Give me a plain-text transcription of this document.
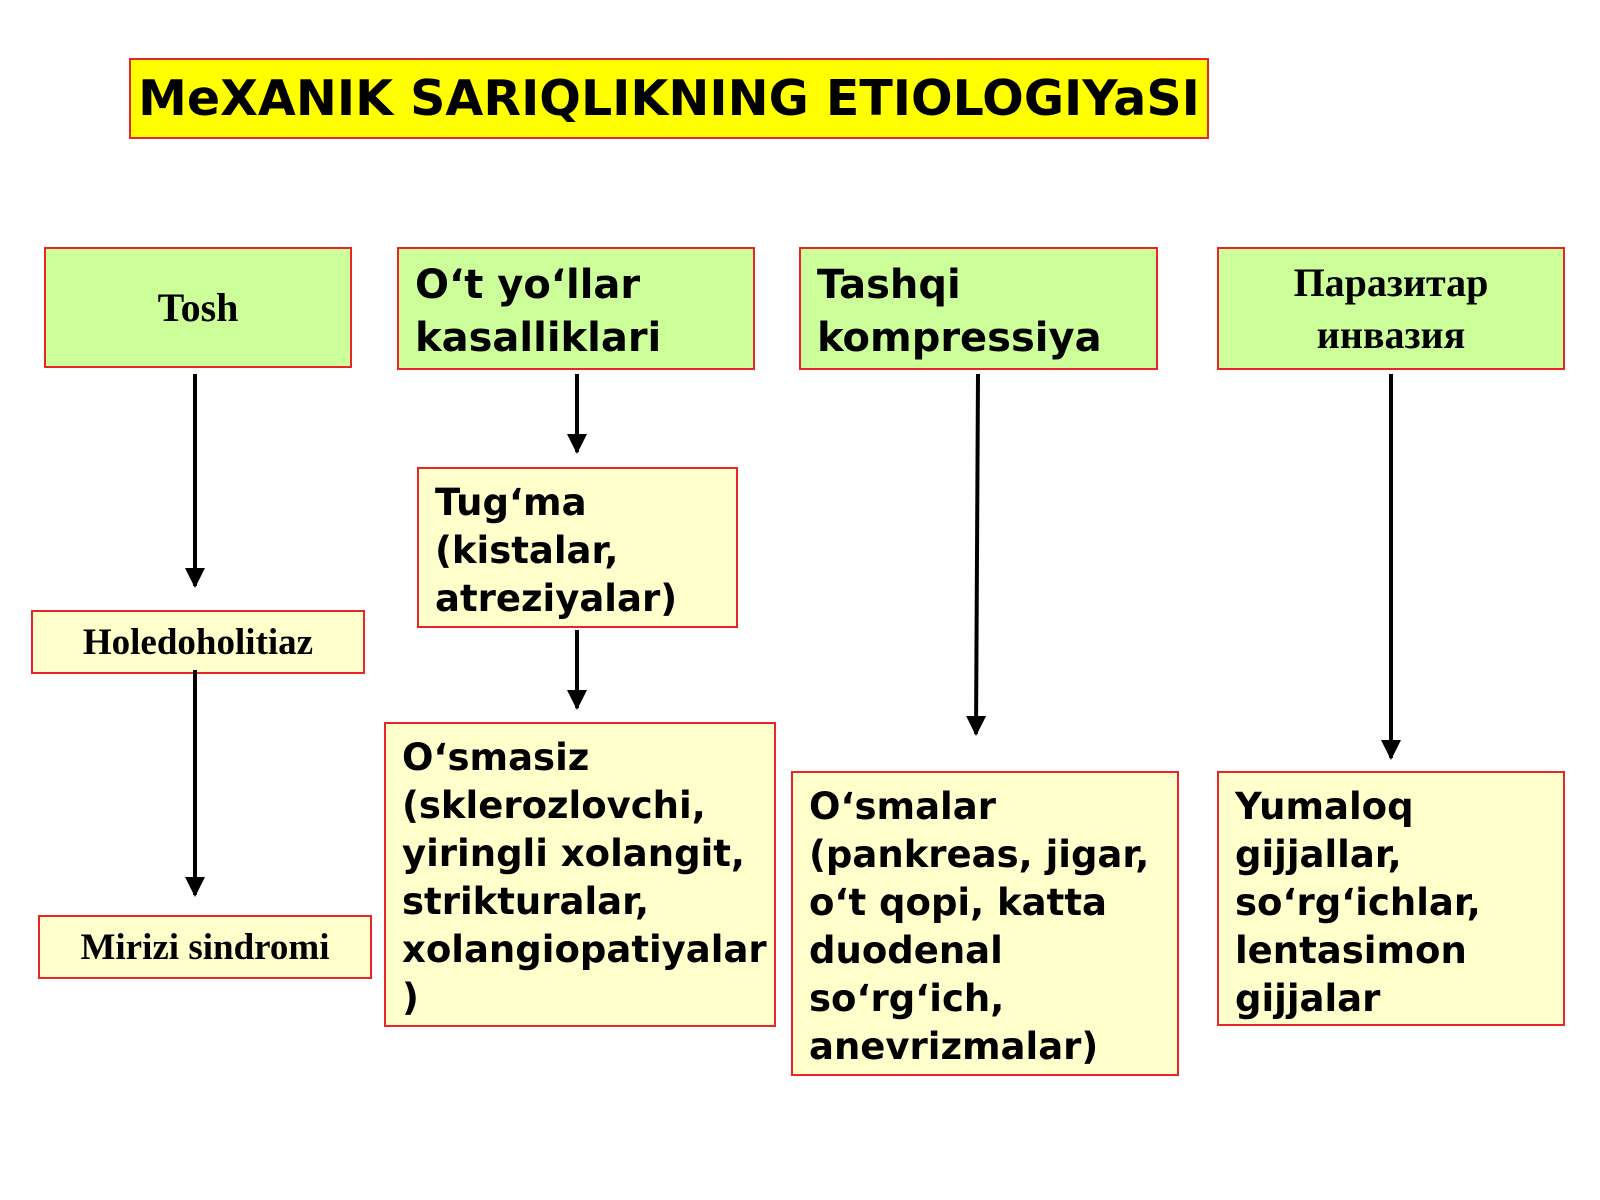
MeXANIK SARIQLIKNING ETIOLOGIYaSI
Tosh
Holedoholitiaz
Mirizi sindromi
O‘t yo‘llar
kasalliklari
Tug‘ma
(kistalar,
atreziyalar)
O‘smasiz
(sklerozlovchi,
yiringli xolangit,
strikturalar,
xolangiopatiyalar
)
Tashqi
kompressiya
O‘smalar
(pankreas, jigar,
o‘t qopi, katta
duodenal
so‘rg‘ich,
anevrizmalar)
Паразитар
инвазия
Yumaloq
gijjallar,
so‘rg‘ichlar,
lentasimon
gijjalar
